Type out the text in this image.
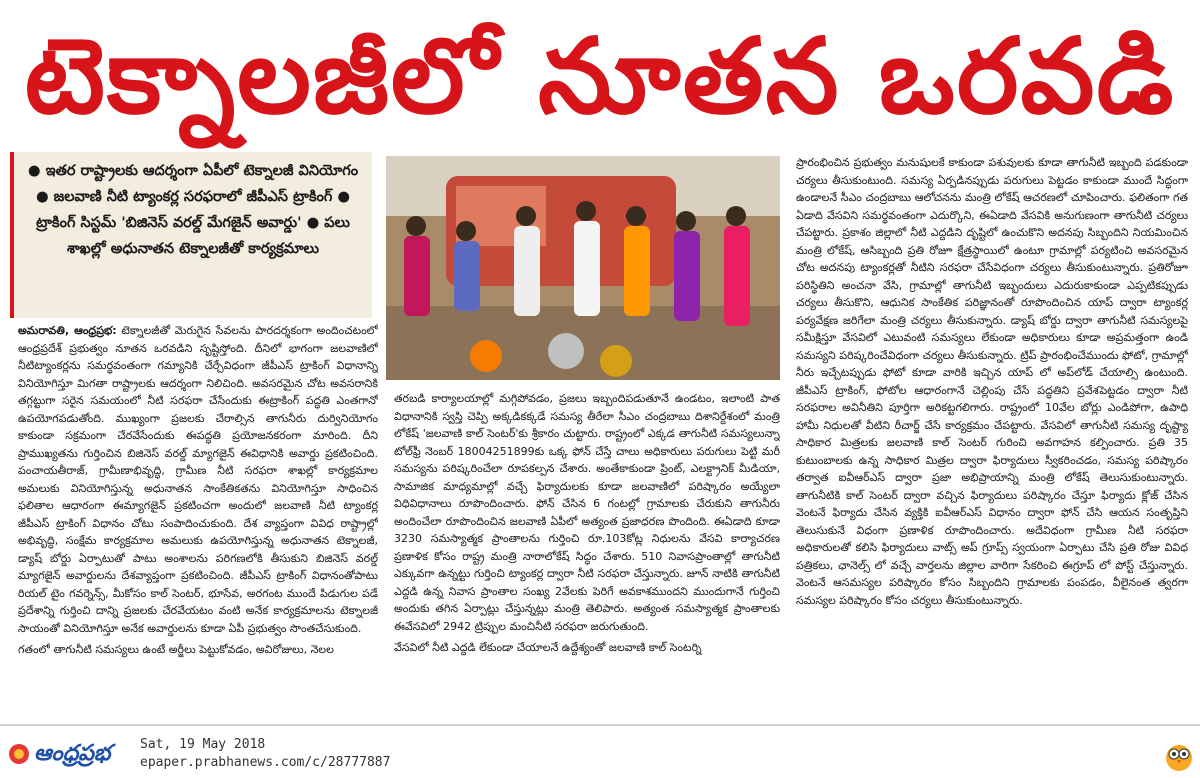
టెక్నాలజీలో నూతన ఒరవడి
● ఇతర రాష్ట్రాలకు ఆదర్శంగా ఏపీలో టెక్నాలజీ వినియోగం ● జలవాణి నీటి ట్యాంకర్ల సరఫరాలో జీపీఎస్ ట్రాకింగ్ ● ట్రాకింగ్ సిస్టమ్ 'బిజినెస్ వరల్డ్ మేగజైన్ అవార్డు' ● పలు శాఖల్లో అధునాతన టెక్నాలజీతో కార్యక్రమాలు

అమరావతి, ఆంధ్రప్రభ: టెక్నాలజీతో మెరుగైన సేవలను పారదర్శకంగా అందించటంలో ఆంధ్రప్రదేశ్ ప్రభుత్వం నూతన ఒరవడిని సృష్టిస్తోంది. దీనిలో భాగంగా జలవాణిలో నీటిట్యాంకర్లను సమర్థవంతంగా గమ్యానికి చేర్చేవిధంగా జీపీఎస్ ట్రాకింగ్ విధానాన్ని వినియోగిస్తూ మిగతా రాష్ట్రాలకు ఆదర్శంగా నిలిచింది. అవసరమైన చోట అవసరానికి తగ్గట్టుగా సరైన సమయంలో నీటి సరఫరా చేసేందుకు ఈట్రాకింగ్ పద్ధతి ఎంతగానో ఉపయోగపడుతోంది. ముఖ్యంగా ప్రజలకు చేరాల్సిన తాగునీరు దుర్వినియోగం కాకుండా సక్రమంగా చేరవేసేందుకు ఈపద్ధతి ప్రయోజనకరంగా మారింది. దీని ప్రాముఖ్యతను గుర్తించిన బిజినెస్ వరల్డ్ మ్యాగజైన్ ఈవిధానికి అవార్డు ప్రకటించింది. పంచాయతీరాజ్, గ్రామీణాభివృద్ధి, గ్రామీణ నీటి సరఫరా శాఖల్లో కార్యక్రమాల అమలుకు వినియోగిస్తున్న అధునాతన సాంకేతికతను వినియోగిస్తూ సాధించిన ఫలితాల ఆధారంగా ఈమ్యాగజైన్ ప్రకటించగా అందులో జలవాణి నీటి ట్యాంకర్ల జీపీఎస్ ట్రాకింగ్ విధానం చోటు సంపాదించుకుంది. దేశ వ్యాప్తంగా వివిధ రాష్ట్రాల్లో అభివృద్ధి, సంక్షేమ కార్యక్రమాల అమలుకు ఉపయోగిస్తున్న అధునాతన టెక్నాలజీ, డ్యాష్ బోర్డు ఏర్పాటుతో పాటు అంశాలను పరిగణలోకి తీసుకుని బిజినెస్ వరల్డ్ మ్యాగజైన్ అవార్డులను దేశవ్యాప్తంగా ప్రకటించింది. జీపీఎస్ ట్రాకింగ్ విధానంతోపాటు రియల్ టైం గవర్నెన్స్, మీకోసం కాల్ సెంటర్, భూసేవ, అరగంట ముందే పిడుగుల పడే ప్రదేశాన్ని గుర్తించి దాన్ని ప్రజలకు చేరవేయటం వంటి అనేక కార్యక్రమాలను టెక్నాలజీ సాయంతో వినియోగిస్తూ అనేక అవార్డులను కూడా ఏపీ ప్రభుత్వం సొంతచేసుకుంది.

గతంలో తాగునీటి సమస్యలు ఉంటే అర్జీలు పెట్టుకోవడం, అవిరోజులు, నెలల

తరబడి కార్యాలయాల్లో మగ్గిపోవడం, ప్రజలు ఇబ్బందిపడుతూనే ఉండటం, ఇలాంటి పాత విధానానికి స్వస్తి చెప్పి అక్కడికక్కడే సమస్య తీరేలా సీఎం చంద్రబాబు దిశానిర్దేశంలో మంత్రి లోకేష్ 'జలవాణి కాల్ సెంటర్'కు శ్రీకారం చుట్టారు. రాష్ట్రంలో ఎక్కడ తాగునీటి సమస్యలున్నా టోల్‌ఫ్రీ నెంబర్ 18004251899కు ఒక్క ఫోన్ చేస్తే చాలు అధికారులు పరుగులు పెట్టి మరీ సమస్యను పరిష్కరించేలా రూపకల్పన చేశారు. అంతేకాకుండా ప్రింట్, ఎలక్ట్రానిక్ మీడియా, సామాజిక మాధ్యమాల్లో వచ్చే ఫిర్యాదులకు కూడా జలవాణిలో పరిష్కారం అయ్యేలా విధివిధానాలు రూపొందించారు. ఫోన్ చేసిన 6 గంటల్లో గ్రామాలకు చేరుకుని తాగునీరు అందించేలా రూపొందించిన జలవాణి ఏపీలో అత్యంత ప్రజాధరణ పొందింది. ఈఏడాది కూడా 3230 సమస్యాత్మక ప్రాంతాలను గుర్తించి రూ.103కోట్ల నిధులను వేసవి కార్యాచరణ ప్రణాళిక కోసం రాష్ట్ర మంత్రి నారాలోకేష్ సిద్ధం చేశారు. 510 నివాసప్రాంతాల్లో తాగునీటి ఎక్కువగా ఉన్నట్టు గుర్తించి ట్యాంకర్ల ద్వారా నీటి సరఫరా చేస్తున్నారు. జూన్ నాటికి తాగునీటి ఎద్దడి ఉన్న నివాస ప్రాంతాల సంఖ్య 2వేలకు పెరిగే అవకాశముందని ముందుగానే గుర్తించి అందుకు తగిన ఏర్పాట్లు చేస్తున్నట్లు మంత్రి తెలిపారు. అత్యంత సమస్యాత్మక ప్రాంతాలకు ఈవేసవిలో 2942 ట్రిప్పుల మంచినీటి సరఫరా జరుగుతుంది.

వేసవిలో నీటి ఎద్దడి లేకుండా చేయాలనే ఉద్దేశ్యంతో జలవాణి కాల్ సెంటర్ని

ప్రారంభించిన ప్రభుత్వం మనుషులకే కాకుండా పశువులకు కూడా తాగునీటి ఇబ్బంది పడకుండా చర్యలు తీసుకుంటుంది. సమస్య ఏర్పడినప్పుడు పరుగులు పెట్టడం కాకుండా ముందే సిద్ధంగా ఉండాలనే సీఎం చంద్రబాబు ఆలోచనను మంత్రి లోకేష్ ఆచరణలో చూపించారు. ఫలితంగా గత ఏడాది వేసవిని సమర్థవంతంగా ఎదుర్కొని, ఈఏడాది వేసవికి అనుగుణంగా తాగునీటి చర్యలు చేపట్టారు. ప్రకాశం జిల్లాలో నీటి ఎద్దడిని దృష్టిలో ఉంచుకొని అదనపు సిబ్బందిని నియమించిన మంత్రి లోకేష్, ఆసిబ్బంది ప్రతి రోజూ క్షేత్రస్థాయిలో ఉంటూ గ్రామాల్లో పర్యటించి అవసరమైన చోట అదనపు ట్యాంకర్లతో నీటిని సరఫరా చేసేవిధంగా చర్యలు తీసుకుంటున్నారు. ప్రతిరోజూ పరిస్థితిని అంచనా వేసి, గ్రామాల్లో తాగునీటి ఇబ్బందులు ఎదురుకాకుండా ఎప్పటికప్పుడు చర్యలు తీసుకొని, ఆధునిక సాంకేతిక పరిజ్ఞానంతో రూపొందించిన యాప్ ద్వారా ట్యాంకర్ల పర్యవేక్షణ జరిగేలా మంత్రి చర్యలు తీసుకున్నారు. డ్యాష్ బోర్డు ద్వారా తాగునీటి సమస్యలపై సమీక్షిస్తూ వేసవిలో ఎటువంటి సమస్యలు లేకుండా అధికారులు కూడా అప్రమత్తంగా ఉండి సమస్యని పరిష్కరించేవిధంగా చర్యలు తీసుకున్నారు. ట్రిప్ ప్రారంభించేముందు ఫోటో, గ్రామాల్లో నీరు ఇచ్చేటప్పుడు ఫోటో కూడా వారికి ఇచ్చిన యాప్ లో అప్‌లోడ్ చేయాల్సి ఉంటుంది. జీపీఎస్ ట్రాకింగ్, ఫోటోల ఆధారంగానే చెల్లింపు చేసే పద్ధతిని ప్రవేశపెట్టడం ద్వారా నీటి సరఫరాల అవినీతిని పూర్తిగా అరికట్టగలిగారు. రాష్ట్రంలో 10వేల బోర్లు ఎండిపోగా, ఉపాధి హామీ నిధులతో వీటిని రీచార్జ్ చేసే కార్యక్రమం చేపట్టారు. వేసవిలో తాగునీటి సమస్య దృష్ట్యా సాధికార మిత్రలకు జలవాణి కాల్ సెంటర్ గురించి అవగాహన కల్పించారు. ప్రతి 35 కుటుంబాలకు ఉన్న సాధికార మిత్రల ద్వారా ఫిర్యాదులు స్వీకరించడం, సమస్య పరిష్కారం తర్వాత ఐవీఆర్ఎస్ ద్వారా ప్రజా అభిప్రాయాన్ని మంత్రి లోకేష్ తెలుసుకుంటున్నారు. తాగునీటికి కాల్ సెంటర్ ద్వారా వచ్చిన ఫిర్యాదులు పరిష్కారం చేస్తూ ఫిర్యాదు క్లోజ్ చేసిన వెంటనే ఫిర్యాదు చేసిన వ్యక్తికి ఐవీఆర్ఎస్ విధానం ద్వారా ఫోన్ చేసి ఆయన సంతృప్తిని తెలుసుకునే విధంగా ప్రణాళిక రూపొందించారు. అదేవిధంగా గ్రామీణ నీటి సరఫరా అధికారులతో కలిసి ఫిర్యాదులు వాట్స్ అప్ గ్రూప్స్ స్వయంగా ఏర్పాటు చేసి ప్రతి రోజు వివిధ పత్రికలు, ఛానెల్స్ లో వచ్చే వార్తలను జిల్లాల వారిగా సేకరించి ఈగ్రూప్ లో పోస్ట్ చేస్తున్నారు. వెంటనే ఆసమస్యల పరిష్కారం కోసం సిబ్బందిని గ్రామాలకు పంపడం, వీలైనంత త్వరగా సమస్యల పరిష్కారం కోసం చర్యలు తీసుకుంటున్నారు.

ఆంధ్రప్రభ	Sat, 19 May 2018
epaper.prabhanews.com/c/28777887
